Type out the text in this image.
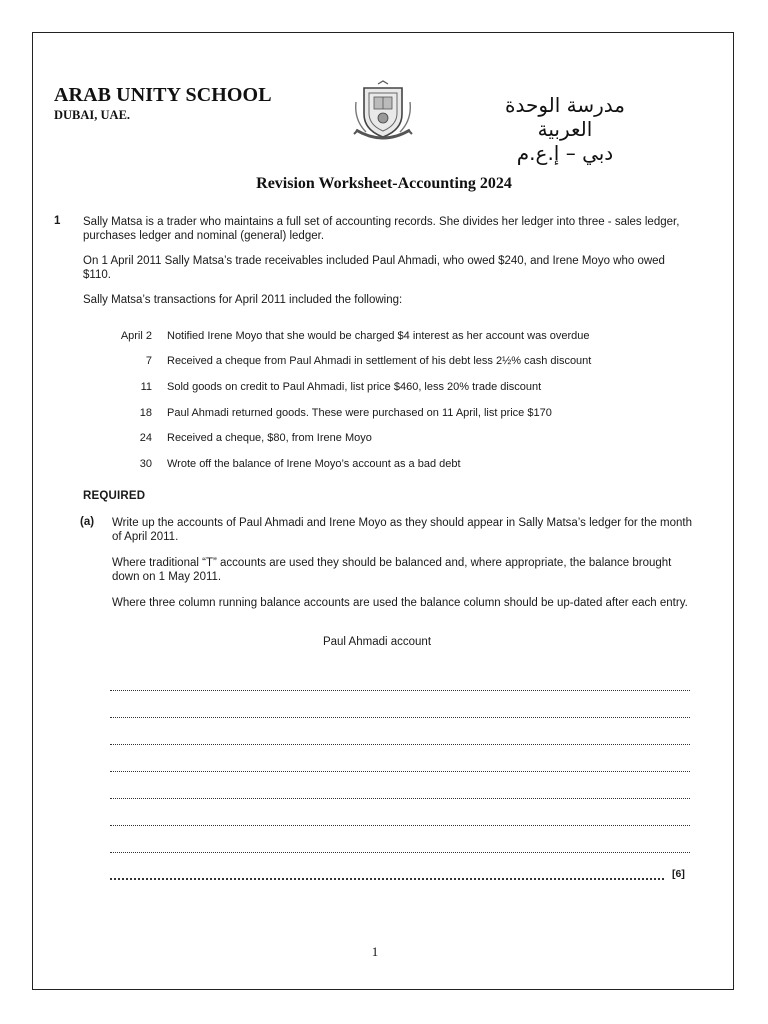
ARAB UNITY SCHOOL
DUBAI, UAE.	مدرسة الوحدة
العربية
دبي – إ.ع.م
Revision Worksheet-Accounting 2024
1 Sally Matsa is a trader who maintains a full set of accounting records. She divides her ledger into three - sales ledger, purchases ledger and nominal (general) ledger.
On 1 April 2011 Sally Matsa’s trade receivables included Paul Ahmadi, who owed $240, and Irene Moyo who owed $110.
Sally Matsa’s transactions for April 2011 included the following:
April 2 Notified Irene Moyo that she would be charged $4 interest as her account was overdue
7 Received a cheque from Paul Ahmadi in settlement of his debt less 2½% cash discount
11 Sold goods on credit to Paul Ahmadi, list price $460, less 20% trade discount
18 Paul Ahmadi returned goods. These were purchased on 11 April, list price $170
24 Received a cheque, $80, from Irene Moyo
30 Wrote off the balance of Irene Moyo’s account as a bad debt
REQUIRED
(a) Write up the accounts of Paul Ahmadi and Irene Moyo as they should appear in Sally Matsa’s ledger for the month of April 2011.
Where traditional “T” accounts are used they should be balanced and, where appropriate, the balance brought down on 1 May 2011.
Where three column running balance accounts are used the balance column should be up-dated after each entry.
Paul Ahmadi account
[6]
1
